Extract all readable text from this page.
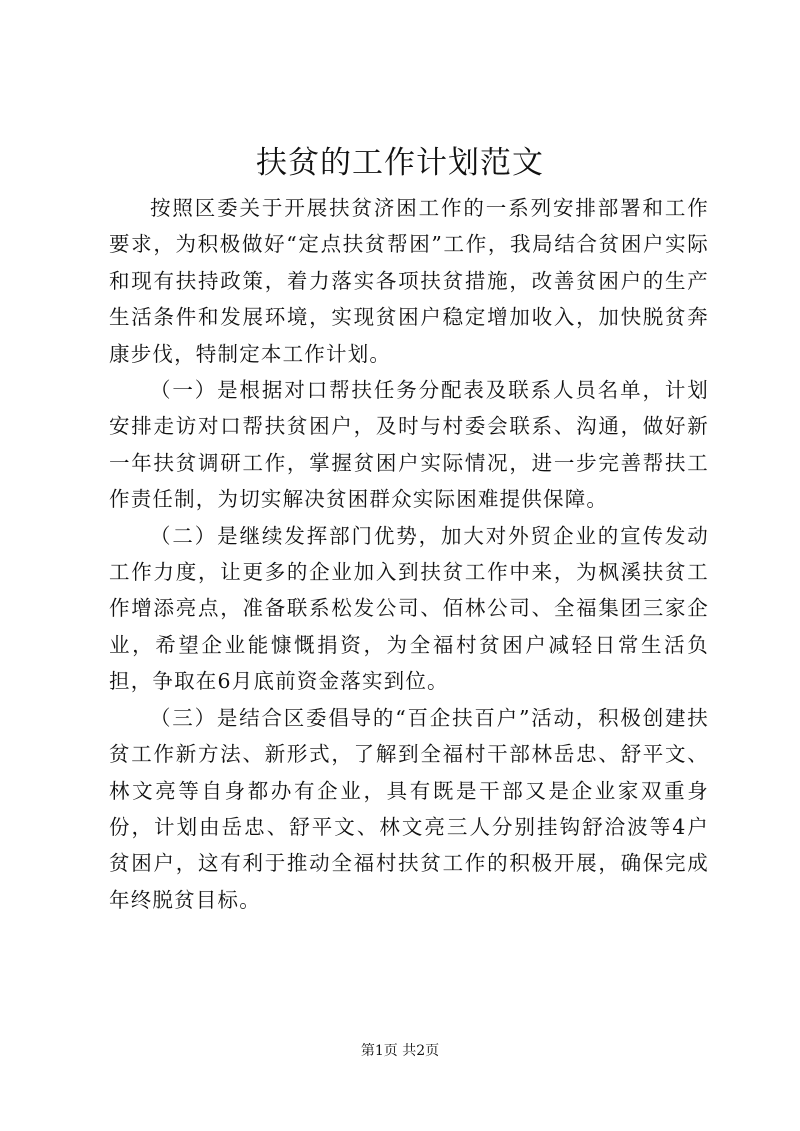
扶贫的工作计划范文

按照区委关于开展扶贫济困工作的一系列安排部署和工作要求，为积极做好“定点扶贫帮困”工作，我局结合贫困户实际和现有扶持政策，着力落实各项扶贫措施，改善贫困户的生产生活条件和发展环境，实现贫困户稳定增加收入，加快脱贫奔康步伐，特制定本工作计划。

（一）是根据对口帮扶任务分配表及联系人员名单，计划安排走访对口帮扶贫困户，及时与村委会联系、沟通，做好新一年扶贫调研工作，掌握贫困户实际情况，进一步完善帮扶工作责任制，为切实解决贫困群众实际困难提供保障。

（二）是继续发挥部门优势，加大对外贸企业的宣传发动工作力度，让更多的企业加入到扶贫工作中来，为枫溪扶贫工作增添亮点，准备联系松发公司、佰林公司、全福集团三家企业，希望企业能慷慨捐资，为全福村贫困户减轻日常生活负担，争取在6月底前资金落实到位。

（三）是结合区委倡导的“百企扶百户”活动，积极创建扶贫工作新方法、新形式，了解到全福村干部林岳忠、舒平文、林文亮等自身都办有企业，具有既是干部又是企业家双重身份，计划由岳忠、舒平文、林文亮三人分别挂钩舒洽波等4户贫困户，这有利于推动全福村扶贫工作的积极开展，确保完成年终脱贫目标。

第1页 共2页
